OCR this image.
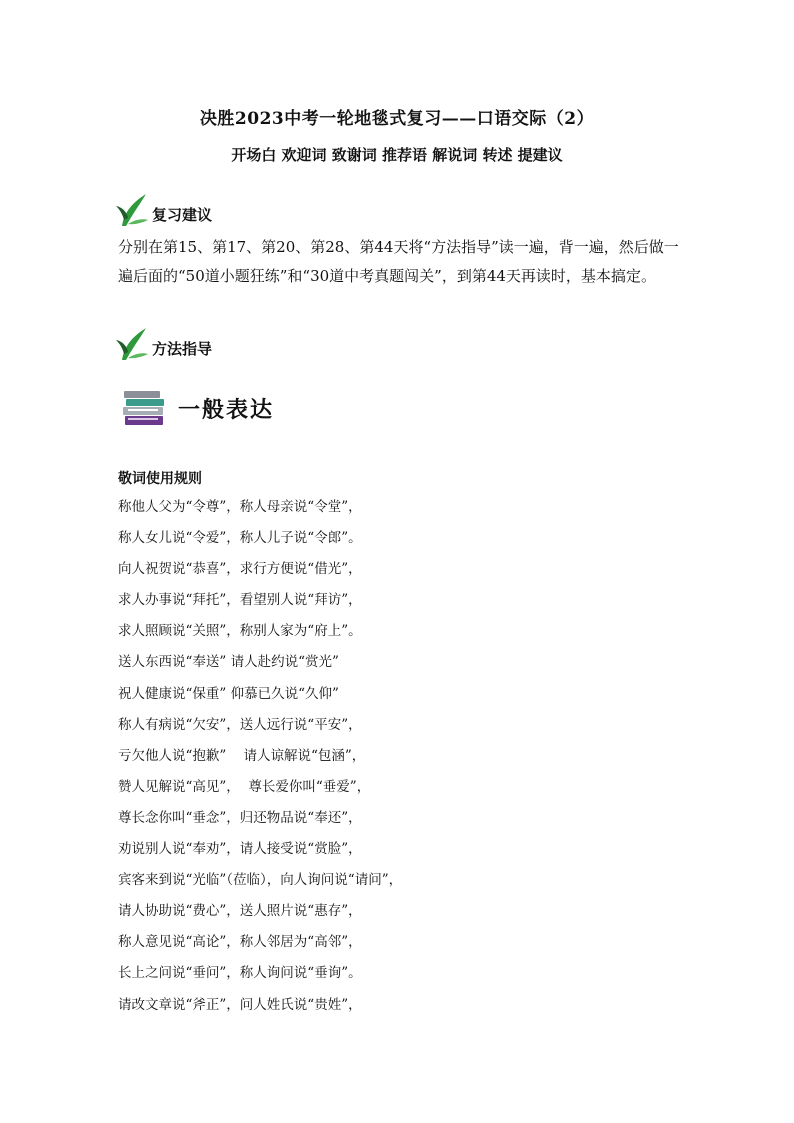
决胜2023中考一轮地毯式复习——口语交际（2）
开场白 欢迎词 致谢词 推荐语 解说词 转述 提建议
复习建议
分别在第15、第17、第20、第28、第44天将“方法指导”读一遍，背一遍，然后做一遍后面的“50道小题狂练”和“30道中考真题闯关”，到第44天再读时，基本搞定。
方法指导
一般表达
敬词使用规则
称他人父为“令尊”，称人母亲说“令堂”，
称人女儿说“令爱”，称人儿子说“令郎”。
向人祝贺说“恭喜”，求行方便说“借光”，
求人办事说“拜托”，看望别人说“拜访”，
求人照顾说“关照”，称别人家为“府上”。
送人东西说“奉送” 请人赴约说“赏光”
祝人健康说“保重” 仰慕已久说“久仰”
称人有病说“欠安”，送人远行说“平安”，
亏欠他人说“抱歉”    请人谅解说“包涵”，
赞人见解说“高见”，  尊长爱你叫“垂爱”，
尊长念你叫“垂念”，归还物品说“奉还”，
劝说别人说“奉劝”，请人接受说“赏脸”，
宾客来到说“光临”（莅临），向人询问说“请问”，
请人协助说“费心”，送人照片说“惠存”，
称人意见说“高论”，称人邻居为“高邻”，
长上之问说“垂问”，称人询问说“垂询”。
请改文章说“斧正”，问人姓氏说“贵姓”，
